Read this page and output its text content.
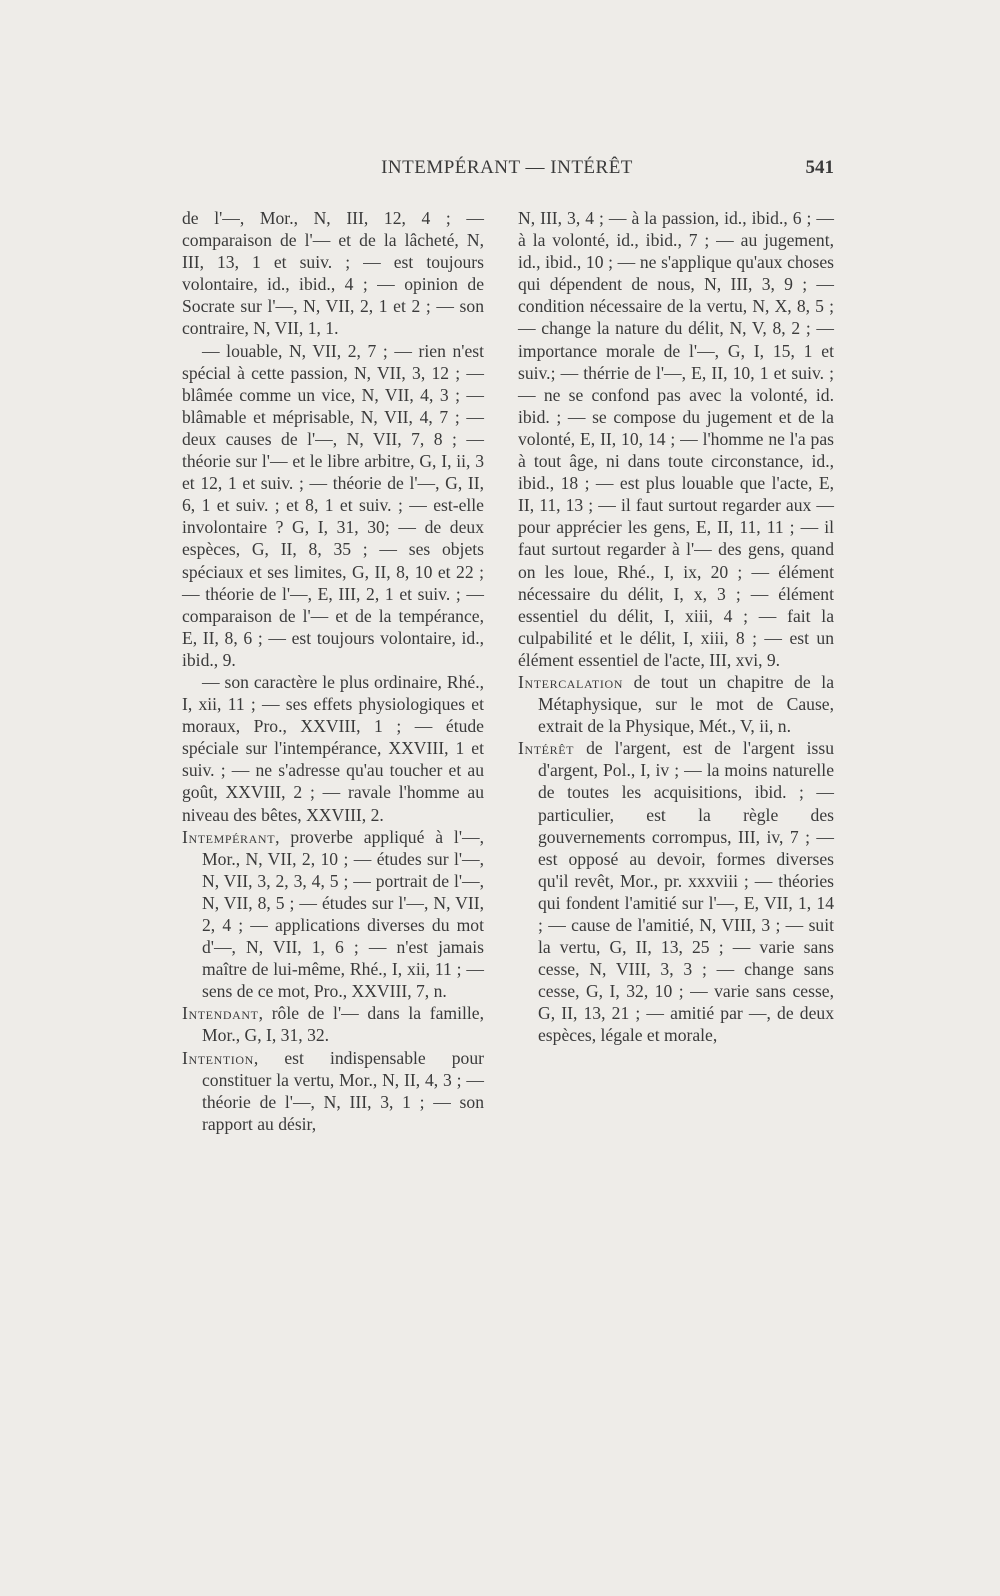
INTEMPÉRANT — INTÉRÊT	541

de l'—, Mor., N, III, 12, 4 ; — comparaison de l'— et de la lâcheté, N, III, 13, 1 et suiv. ; — est toujours volontaire, id., ibid., 4 ; — opinion de Socrate sur l'—, N, VII, 2, 1 et 2 ; — son contraire, N, VII, 1, 1.

— louable, N, VII, 2, 7 ; — rien n'est spécial à cette passion, N, VII, 3, 12 ; — blâmée comme un vice, N, VII, 4, 3 ; — blâmable et méprisable, N, VII, 4, 7 ; — deux causes de l'—, N, VII, 7, 8 ; — théorie sur l'— et le libre arbitre, G, I, ii, 3 et 12, 1 et suiv. ; — théorie de l'—, G, II, 6, 1 et suiv. ; et 8, 1 et suiv. ; — est-elle involontaire ? G, I, 31, 30; — de deux espèces, G, II, 8, 35 ; — ses objets spéciaux et ses limites, G, II, 8, 10 et 22 ; — théorie de l'—, E, III, 2, 1 et suiv. ; — comparaison de l'— et de la tempérance, E, II, 8, 6 ; — est toujours volontaire, id., ibid., 9.

— son caractère le plus ordinaire, Rhé., I, xii, 11 ; — ses effets physiologiques et moraux, Pro., XXVIII, 1 ; — étude spéciale sur l'intempérance, XXVIII, 1 et suiv. ; — ne s'adresse qu'au toucher et au goût, XXVIII, 2 ; — ravale l'homme au niveau des bêtes, XXVIII, 2.

Intempérant, proverbe appliqué à l'—, Mor., N, VII, 2, 10 ; — études sur l'—, N, VII, 3, 2, 3, 4, 5 ; — portrait de l'—, N, VII, 8, 5 ; — études sur l'—, N, VII, 2, 4 ; — applications diverses du mot d'—, N, VII, 1, 6 ; — n'est jamais maître de lui-même, Rhé., I, xii, 11 ; — sens de ce mot, Pro., XXVIII, 7, n.

Intendant, rôle de l'— dans la famille, Mor., G, I, 31, 32.

Intention, est indispensable pour constituer la vertu, Mor., N, II, 4, 3 ; — théorie de l'—, N, III, 3, 1 ; — son rapport au désir,

N, III, 3, 4 ; — à la passion, id., ibid., 6 ; — à la volonté, id., ibid., 7 ; — au jugement, id., ibid., 10 ; — ne s'applique qu'aux choses qui dépendent de nous, N, III, 3, 9 ; — condition nécessaire de la vertu, N, X, 8, 5 ; — change la nature du délit, N, V, 8, 2 ; — importance morale de l'—, G, I, 15, 1 et suiv.; — thérrie de l'—, E, II, 10, 1 et suiv. ; — ne se confond pas avec la volonté, id. ibid. ; — se compose du jugement et de la volonté, E, II, 10, 14 ; — l'homme ne l'a pas à tout âge, ni dans toute circonstance, id., ibid., 18 ; — est plus louable que l'acte, E, II, 11, 13 ; — il faut surtout regarder aux — pour apprécier les gens, E, II, 11, 11 ; — il faut surtout regarder à l'— des gens, quand on les loue, Rhé., I, ix, 20 ; — élément nécessaire du délit, I, x, 3 ; — élément essentiel du délit, I, xiii, 4 ; — fait la culpabilité et le délit, I, xiii, 8 ; — est un élément essentiel de l'acte, III, xvi, 9.

Intercalation de tout un chapitre de la Métaphysique, sur le mot de Cause, extrait de la Physique, Mét., V, ii, n.

Intérêt de l'argent, est de l'argent issu d'argent, Pol., I, iv ; — la moins naturelle de toutes les acquisitions, ibid. ; — particulier, est la règle des gouvernements corrompus, III, iv, 7 ; — est opposé au devoir, formes diverses qu'il revêt, Mor., pr. xxxviii ; — théories qui fondent l'amitié sur l'—, E, VII, 1, 14 ; — cause de l'amitié, N, VIII, 3 ; — suit la vertu, G, II, 13, 25 ; — varie sans cesse, N, VIII, 3, 3 ; — change sans cesse, G, I, 32, 10 ; — varie sans cesse, G, II, 13, 21 ; — amitié par —, de deux espèces, légale et morale,
